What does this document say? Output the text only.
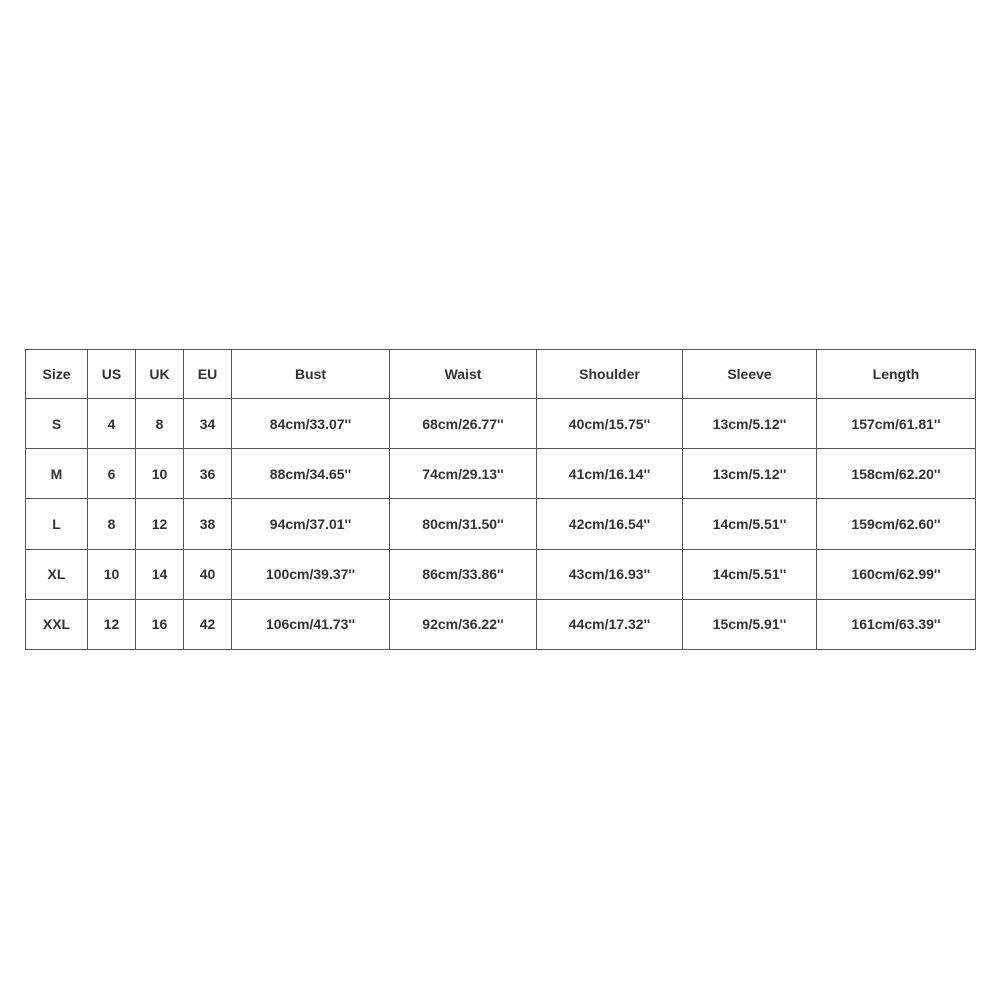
Size	US	UK	EU	Bust	Waist	Shoulder	Sleeve	Length
S	4	8	34	84cm/33.07''	68cm/26.77''	40cm/15.75''	13cm/5.12''	157cm/61.81''
M	6	10	36	88cm/34.65''	74cm/29.13''	41cm/16.14''	13cm/5.12''	158cm/62.20''
L	8	12	38	94cm/37.01''	80cm/31.50''	42cm/16.54''	14cm/5.51''	159cm/62.60''
XL	10	14	40	100cm/39.37''	86cm/33.86''	43cm/16.93''	14cm/5.51''	160cm/62.99''
XXL	12	16	42	106cm/41.73''	92cm/36.22''	44cm/17.32''	15cm/5.91''	161cm/63.39''
